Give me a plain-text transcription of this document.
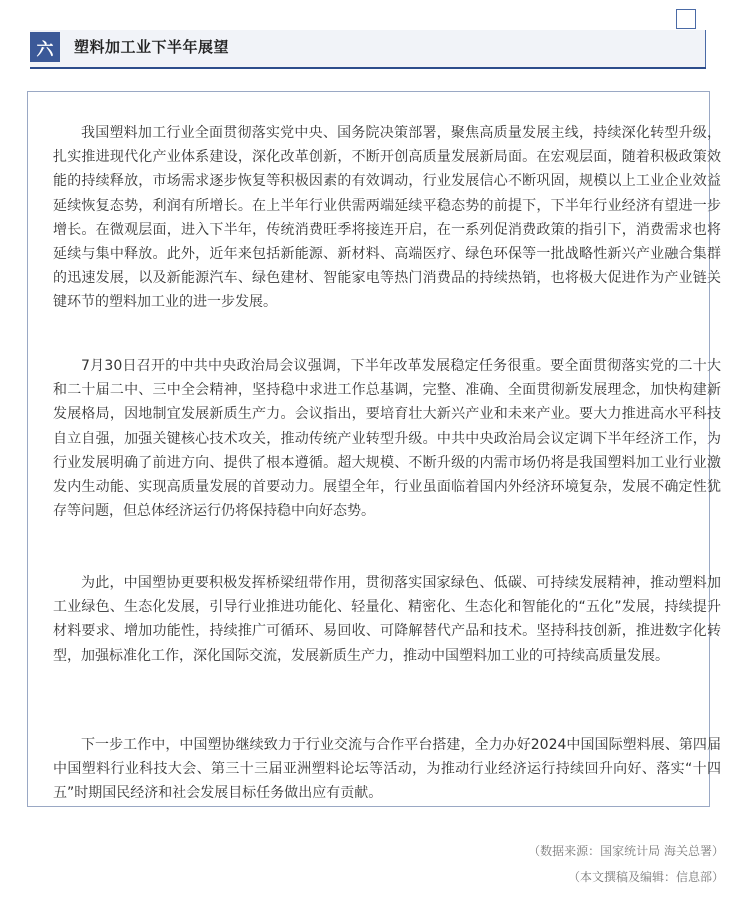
六	塑料加工业下半年展望

我国塑料加工行业全面贯彻落实党中央、国务院决策部署，聚焦高质量发展主线，持续深化转型升级，扎实推进现代化产业体系建设，深化改革创新，不断开创高质量发展新局面。在宏观层面，随着积极政策效能的持续释放，市场需求逐步恢复等积极因素的有效调动，行业发展信心不断巩固，规模以上工业企业效益延续恢复态势，利润有所增长。在上半年行业供需两端延续平稳态势的前提下，下半年行业经济有望进一步增长。在微观层面，进入下半年，传统消费旺季将接连开启，在一系列促消费政策的指引下，消费需求也将延续与集中释放。此外，近年来包括新能源、新材料、高端医疗、绿色环保等一批战略性新兴产业融合集群的迅速发展，以及新能源汽车、绿色建材、智能家电等热门消费品的持续热销，也将极大促进作为产业链关键环节的塑料加工业的进一步发展。

7月30日召开的中共中央政治局会议强调，下半年改革发展稳定任务很重。要全面贯彻落实党的二十大和二十届二中、三中全会精神，坚持稳中求进工作总基调，完整、准确、全面贯彻新发展理念，加快构建新发展格局，因地制宜发展新质生产力。会议指出，要培育壮大新兴产业和未来产业。要大力推进高水平科技自立自强，加强关键核心技术攻关，推动传统产业转型升级。中共中央政治局会议定调下半年经济工作，为行业发展明确了前进方向、提供了根本遵循。超大规模、不断升级的内需市场仍将是我国塑料加工业行业激发内生动能、实现高质量发展的首要动力。展望全年，行业虽面临着国内外经济环境复杂，发展不确定性犹存等问题，但总体经济运行仍将保持稳中向好态势。

为此，中国塑协更要积极发挥桥梁纽带作用，贯彻落实国家绿色、低碳、可持续发展精神，推动塑料加工业绿色、生态化发展，引导行业推进功能化、轻量化、精密化、生态化和智能化的“五化”发展，持续提升材料要求、增加功能性，持续推广可循环、易回收、可降解替代产品和技术。坚持科技创新，推进数字化转型，加强标准化工作，深化国际交流，发展新质生产力，推动中国塑料加工业的可持续高质量发展。

下一步工作中，中国塑协继续致力于行业交流与合作平台搭建，全力办好2024中国国际塑料展、第四届中国塑料行业科技大会、第三十三届亚洲塑料论坛等活动，为推动行业经济运行持续回升向好、落实“十四五”时期国民经济和社会发展目标任务做出应有贡献。

（数据来源：国家统计局 海关总署）
（本文撰稿及编辑：信息部）
